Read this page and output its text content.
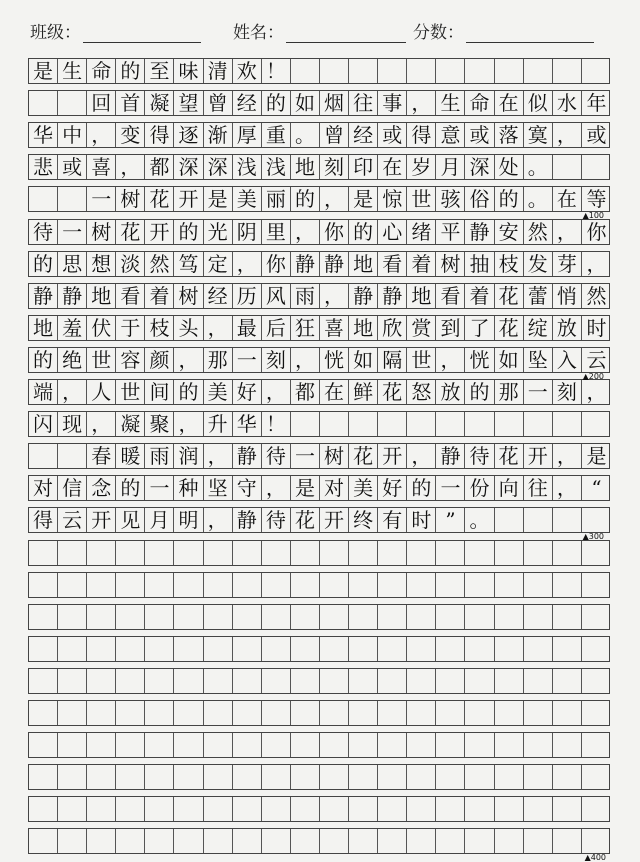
班级：	姓名：	分数：
是 生 命 的 至 味 清 欢 ！

回 首 凝 望 曾 经 的 如 烟 往 事 ， 生 命 在 似 水 年
华 中 ， 变 得 逐 渐 厚 重 。 曾 经 或 得 意 或 落 寞 ， 或
悲 或 喜 ， 都 深 深 浅 浅 地 刻 印 在 岁 月 深 处 。

一 树 花 开 是 美 丽 的 ， 是 惊 世 骇 俗 的 。 在 等
待 一 树 花 开 的 光 阴 里 ， 你 的 心 绪 平 静 安 然 ， 你
的 思 想 淡 然 笃 定 ， 你 静 静 地 看 着 树 抽 枝 发 芽 ，
静 静 地 看 着 树 经 历 风 雨 ， 静 静 地 看 着 花 蕾 悄 然
地 羞 伏 于 枝 头 ， 最 后 狂 喜 地 欣 赏 到 了 花 绽 放 时
的 绝 世 容 颜 ， 那 一 刻 ， 恍 如 隔 世 ， 恍 如 坠 入 云
端 ， 人 世 间 的 美 好 ， 都 在 鲜 花 怒 放 的 那 一 刻 ，
闪 现 ， 凝 聚 ， 升 华 ！

春 暖 雨 润 ， 静 待 一 树 花 开 ， 静 待 花 开 ， 是
对 信 念 的 一 种 坚 守 ， 是 对 美 好 的 一 份 向 往 ， “
得 云 开 见 月 明 ， 静 待 花 开 终 有 时 ” 。
▲100
▲200
▲300
▲400
